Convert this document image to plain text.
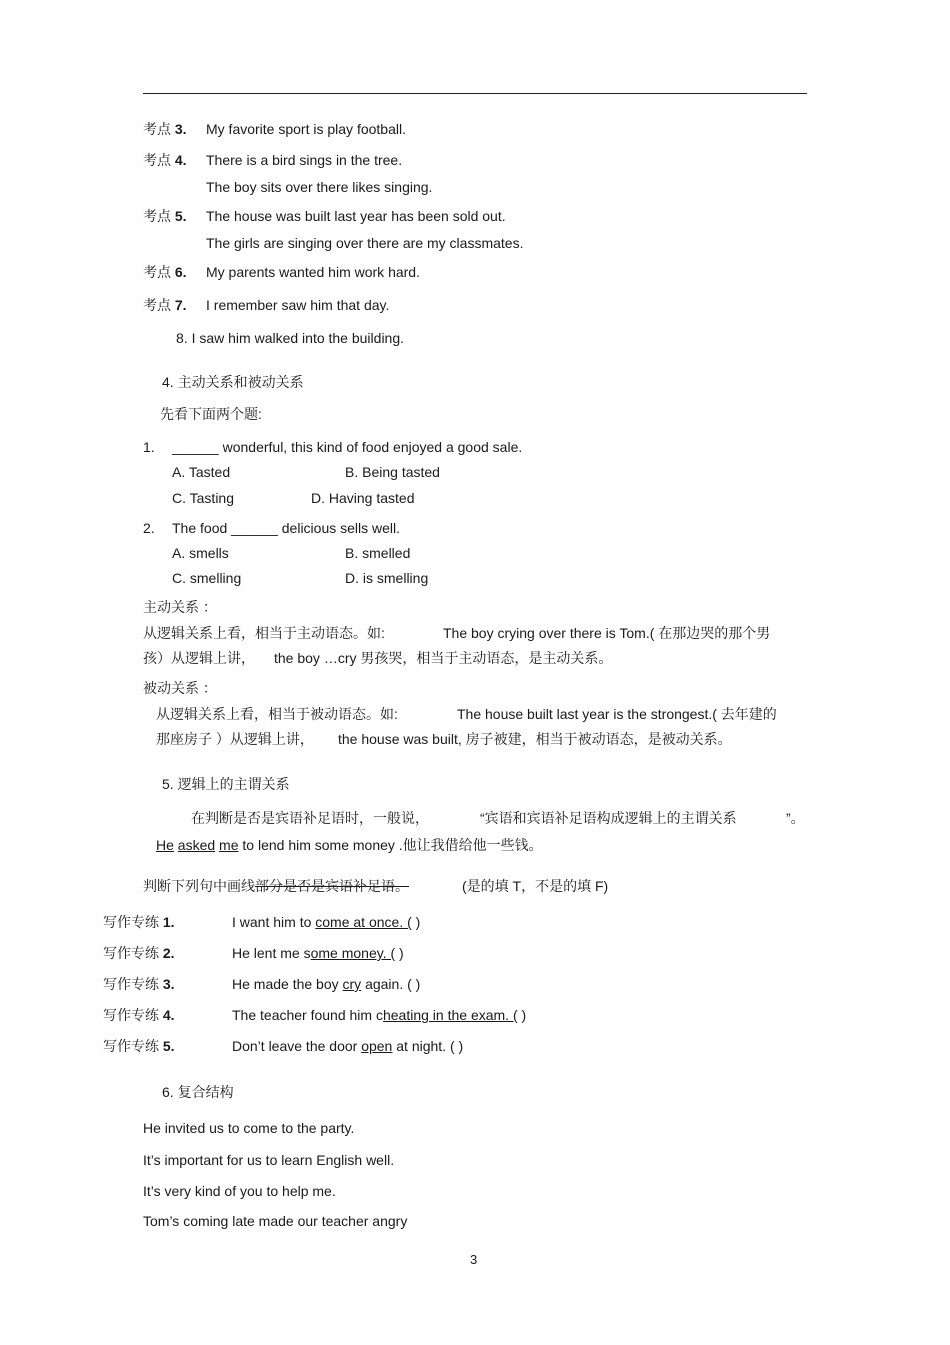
考点 3. My favorite sport is play football.
考点 4. There is a bird sings in the tree.
The boy sits over there likes singing.
考点 5. The house was built last year has been sold out.
The girls are singing over there are my classmates.
考点 6. My parents wanted him work hard.
考点 7. I remember saw him that day.
8. I saw him walked into the building.
4. 主动关系和被动关系
先看下面两个题:
1. ______ wonderful, this kind of food enjoyed a good sale.
A. Tasted	B. Being tasted
C. Tasting	D. Having tasted
2. The food ______ delicious sells well.
A. smells	B. smelled
C. smelling	D. is smelling
主动关系 ：
从逻辑关系上看，相当于主动语态。如:	The boy crying over there is Tom.( 在那边哭的那个男
孩）从逻辑上讲， the boy …cry 男孩哭，相当于主动语态，是主动关系。
被动关系 ：
从逻辑关系上看，相当于被动语态。如:	The house built last year is the strongest.( 去年建的
那座房子 ）从逻辑上讲， the house was built, 房子被建，相当于被动语态，是被动关系。
5. 逻辑上的主谓关系
在判断是否是宾语补足语时，一般说，	“宾语和宾语补足语构成逻辑上的主谓关系	”。
He asked me to lend him some money .他让我借给他一些钱。
判断下列句中画线部分是否是宾语补足语。	(是的填 T，不是的填 F)
写作专练 1.	I want him to come at once. ( )
写作专练 2.	He lent me some money. ( )
写作专练 3.	He made the boy cry again. ( )
写作专练 4.	The teacher found him cheating in the exam. ( )
写作专练 5.	Don’t leave the door open at night. ( )
6. 复合结构
He invited us to come to the party.
It’s important for us to learn English well.
It’s very kind of you to help me.
Tom’s coming late made our teacher angry
3
